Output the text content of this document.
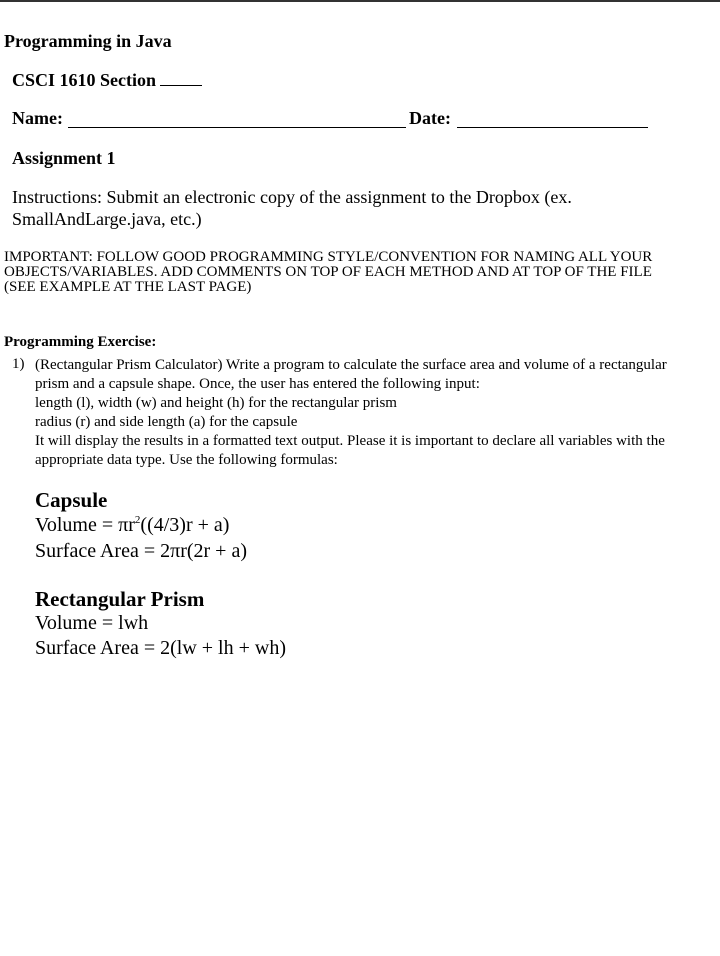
Programming in Java
CSCI 1610 Section
Name:	Date:
Assignment 1
Instructions: Submit an electronic copy of the assignment to the Dropbox (ex.
SmallAndLarge.java, etc.)
IMPORTANT: FOLLOW GOOD PROGRAMMING STYLE/CONVENTION FOR NAMING ALL YOUR
OBJECTS/VARIABLES. ADD COMMENTS ON TOP OF EACH METHOD AND AT TOP OF THE FILE
(SEE EXAMPLE AT THE LAST PAGE)
Programming Exercise:
1) (Rectangular Prism Calculator) Write a program to calculate the surface area and volume of a rectangular
prism and a capsule shape. Once, the user has entered the following input:
length (l), width (w) and height (h) for the rectangular prism
radius (r) and side length (a) for the capsule
It will display the results in a formatted text output. Please it is important to declare all variables with the
appropriate data type. Use the following formulas:
Capsule
Volume = $\pi r^2((4/3)r + a)$
Surface Area = 2πr(2r + a)
Rectangular Prism
Volume = lwh
Surface Area = 2(lw + lh + wh)
